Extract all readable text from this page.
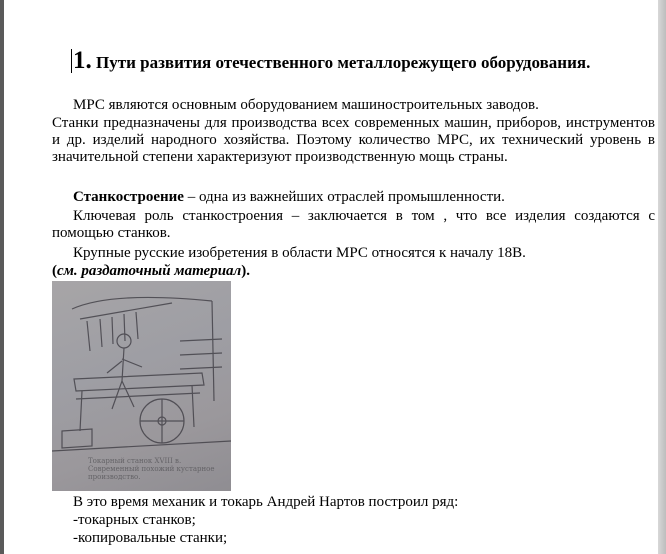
1. Пути развития отечественного металлорежущего оборудования.
МРС являются основным оборудованием машиностроительных заводов.
Станки предназначены для производства всех современных машин, приборов, инструментов и др. изделий народного хозяйства. Поэтому количество МРС, их технический уровень в значительной степени характеризуют производственную мощь страны.
Станкостроение – одна из важнейших отраслей промышленности.
Ключевая роль станкостроения – заключается в том , что все изделия создаются с помощью станков.
Крупные русские изобретения в области МРС относятся к началу 18В.
(см. раздаточный материал).
Токарный станок XVIII в. Современный похожий кустарное производство.
В это время механик и токарь Андрей Нартов построил ряд:
-токарных станков;
-копировальные станки;
